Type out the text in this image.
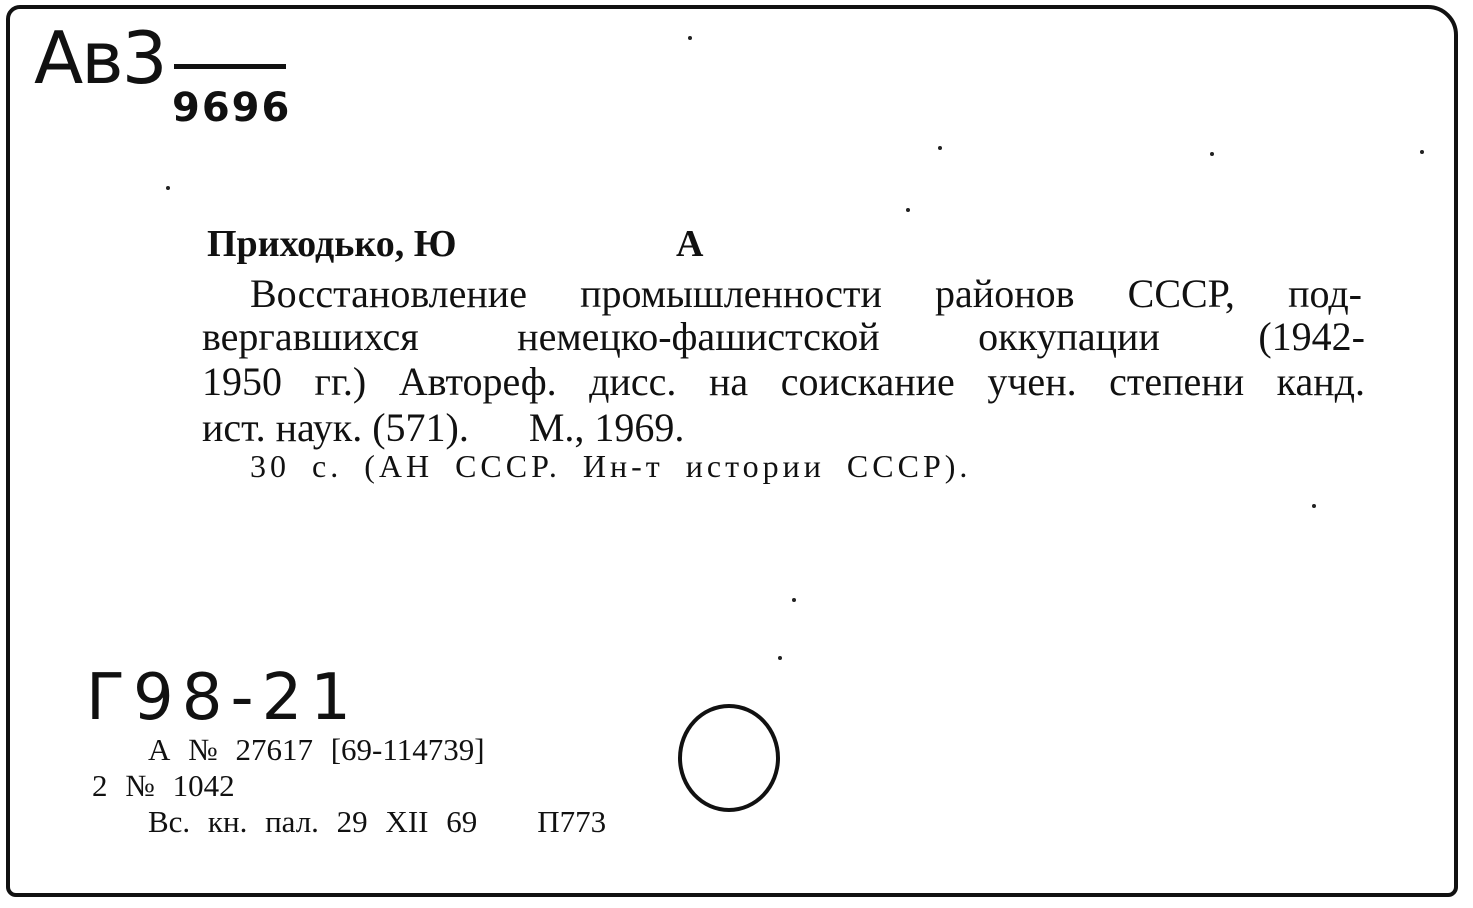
Ав3
9696
Приходько, Ю	А
Восстановление промышленности районов СССР, под-
вергавшихся немецко-фашистской оккупации (1942-
1950 гг.) Автореф. дисс. на соискание учен. степени канд.
ист. наук. (571). М., 1969.
30 с. (АН СССР. Ин-т истории СССР).
Г98-21
А № 27617 [69-114739]
2 № 1042
Вс. кн. пал. 29 XII 69 П773
